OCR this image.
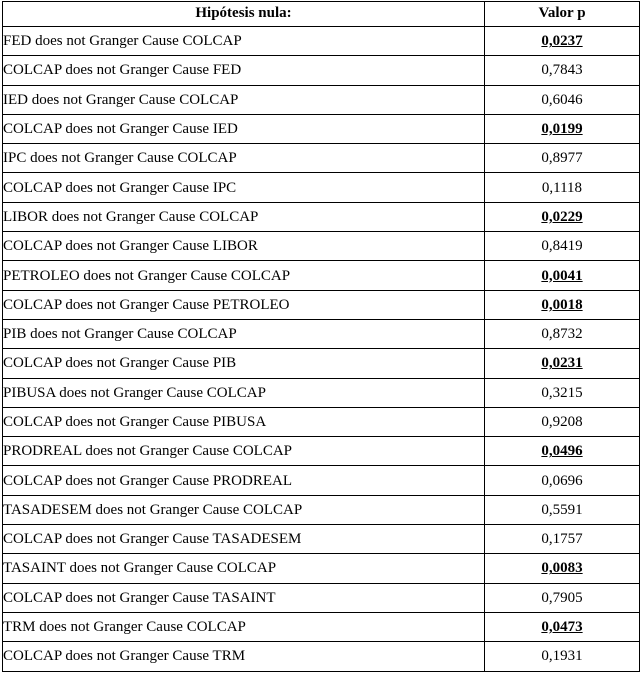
Hipótesis nula:	Valor p
FED does not Granger Cause COLCAP	0,0237
COLCAP does not Granger Cause FED	0,7843
IED does not Granger Cause COLCAP	0,6046
COLCAP does not Granger Cause IED	0,0199
IPC does not Granger Cause COLCAP	0,8977
COLCAP does not Granger Cause IPC	0,1118
LIBOR does not Granger Cause COLCAP	0,0229
COLCAP does not Granger Cause LIBOR	0,8419
PETROLEO does not Granger Cause COLCAP	0,0041
COLCAP does not Granger Cause PETROLEO	0,0018
PIB does not Granger Cause COLCAP	0,8732
COLCAP does not Granger Cause PIB	0,0231
PIBUSA does not Granger Cause COLCAP	0,3215
COLCAP does not Granger Cause PIBUSA	0,9208
PRODREAL does not Granger Cause COLCAP	0,0496
COLCAP does not Granger Cause PRODREAL	0,0696
TASADESEM does not Granger Cause COLCAP	0,5591
COLCAP does not Granger Cause TASADESEM	0,1757
TASAINT does not Granger Cause COLCAP	0,0083
COLCAP does not Granger Cause TASAINT	0,7905
TRM does not Granger Cause COLCAP	0,0473
COLCAP does not Granger Cause TRM	0,1931
